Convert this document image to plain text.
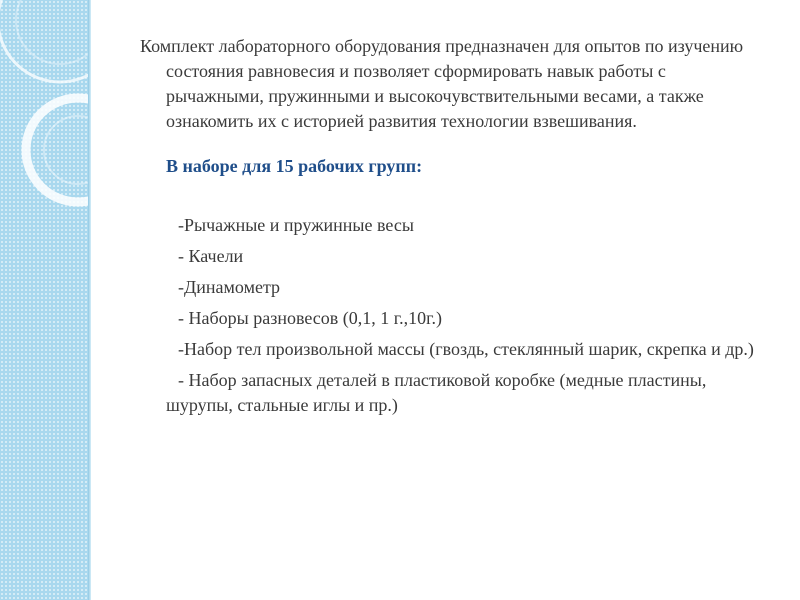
Комплект лабораторного оборудования предназначен для опытов по изучению состояния равновесия и позволяет сформировать навык работы с рычажными, пружинными и высокочувствительными весами, а также ознакомить их с историей развития технологии взвешивания.

В наборе для 15 рабочих групп:

-Рычажные и пружинные весы
- Качели
-Динамометр
- Наборы разновесов (0,1, 1 г.,10г.)
-Набор тел произвольной массы (гвоздь, стеклянный шарик, скрепка и др.)
- Набор запасных деталей в пластиковой коробке (медные пластины, шурупы, стальные иглы и пр.)
